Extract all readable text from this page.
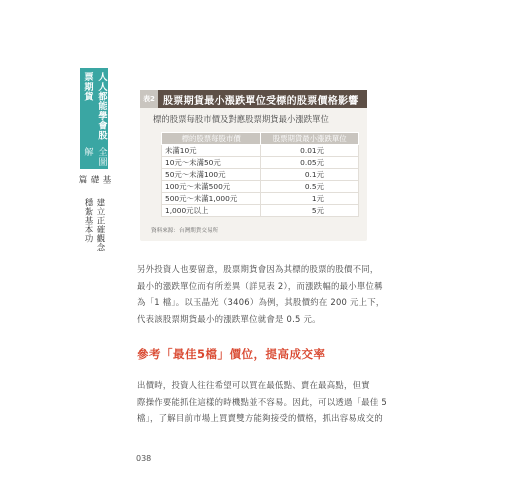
人人都能學會股票期貨
全圖解
基礎篇
建立正確觀念　穩紮基本功
表2 股票期貨最小漲跌單位受標的股票價格影響
標的股票每股市價及對應股票期貨最小漲跌單位
標的股票每股市價	股票期貨最小漲跌單位
未滿10元	0.01元
10元～未滿50元	0.05元
50元～未滿100元	0.1元
100元～未滿500元	0.5元
500元～未滿1,000元	1元
1,000元以上	5元
資料來源：台灣期貨交易所
另外投資人也要留意，股票期貨會因為其標的股票的股價不同，
最小的漲跌單位而有所差異（詳見表 2），而漲跌幅的最小單位稱
為「1 檔」。以玉晶光（3406）為例，其股價約在 200 元上下，
代表該股票期貨最小的漲跌單位就會是 0.5 元。
參考「最佳5檔」價位，提高成交率
出價時，投資人往往希望可以買在最低點、賣在最高點，但實
際操作要能抓住這樣的時機點並不容易。因此，可以透過「最佳 5
檔」，了解目前市場上買賣雙方能夠接受的價格，抓出容易成交的
038
